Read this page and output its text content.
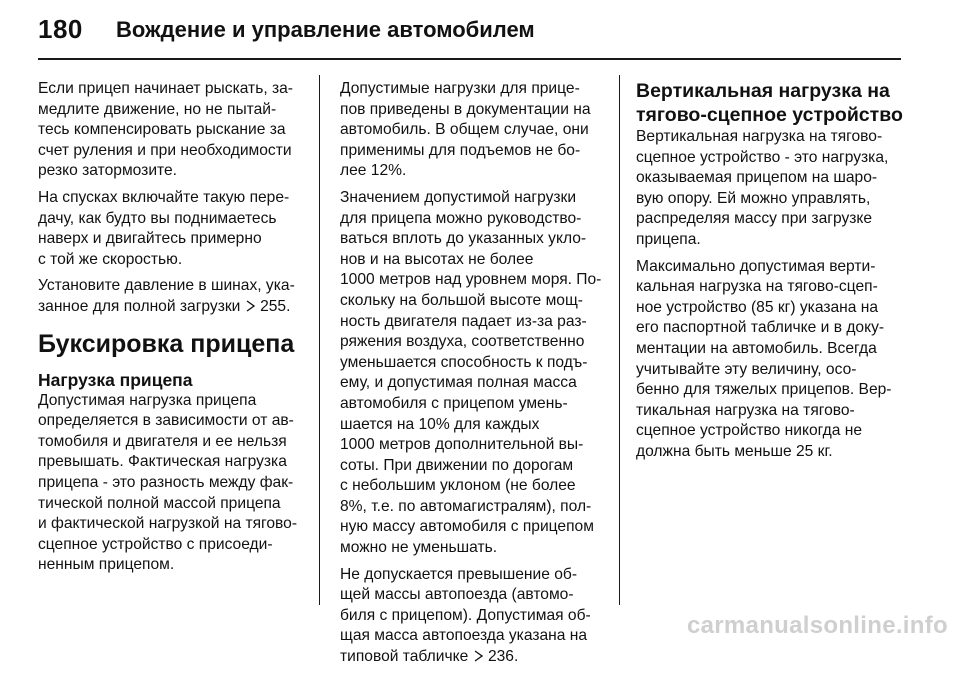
180 Вождение и управление автомобилем

Если прицеп начинает рыскать, за-
медлите движение, но не пытай-
тесь компенсировать рыскание за
счет руления и при необходимости
резко затормозите.

На спусках включайте такую пере-
дачу, как будто вы поднимаетесь
наверх и двигайтесь примерно
с той же скоростью.

Установите давление в шинах, ука-
занное для полной загрузки  255.

Буксировка прицепа
Нагрузка прицепа

Допустимая нагрузка прицепа
определяется в зависимости от ав-
томобиля и двигателя и ее нельзя
превышать. Фактическая нагрузка
прицепа - это разность между фак-
тической полной массой прицепа
и фактической нагрузкой на тягово-
сцепное устройство с присоеди-
ненным прицепом.

Допустимые нагрузки для прице-
пов приведены в документации на
автомобиль. В общем случае, они
применимы для подъемов не бо-
лее 12%.

Значением допустимой нагрузки
для прицепа можно руководство-
ваться вплоть до указанных укло-
нов и на высотах не более
1000 метров над уровнем моря. По-
скольку на большой высоте мощ-
ность двигателя падает из-за раз-
ряжения воздуха, соответственно
уменьшается способность к подъ-
ему, и допустимая полная масса
автомобиля с прицепом умень-
шается на 10% для каждых
1000 метров дополнительной вы-
соты. При движении по дорогам
с небольшим уклоном (не более
8%, т.е. по автомагистралям), пол-
ную массу автомобиля с прицепом
можно не уменьшать.

Не допускается превышение об-
щей массы автопоезда (автомо-
биля с прицепом). Допустимая об-
щая масса автопоезда указана на
типовой табличке  236.

Вертикальная нагрузка на
тягово-сцепное устройство

Вертикальная нагрузка на тягово-
сцепное устройство - это нагрузка,
оказываемая прицепом на шаро-
вую опору. Ей можно управлять,
распределяя массу при загрузке
прицепа.

Максимально допустимая верти-
кальная нагрузка на тягово-сцеп-
ное устройство (85 кг) указана на
его паспортной табличке и в доку-
ментации на автомобиль. Всегда
учитывайте эту величину, осо-
бенно для тяжелых прицепов. Вер-
тикальная нагрузка на тягово-
сцепное устройство никогда не
должна быть меньше 25 кг.

carmanualsonline.info
